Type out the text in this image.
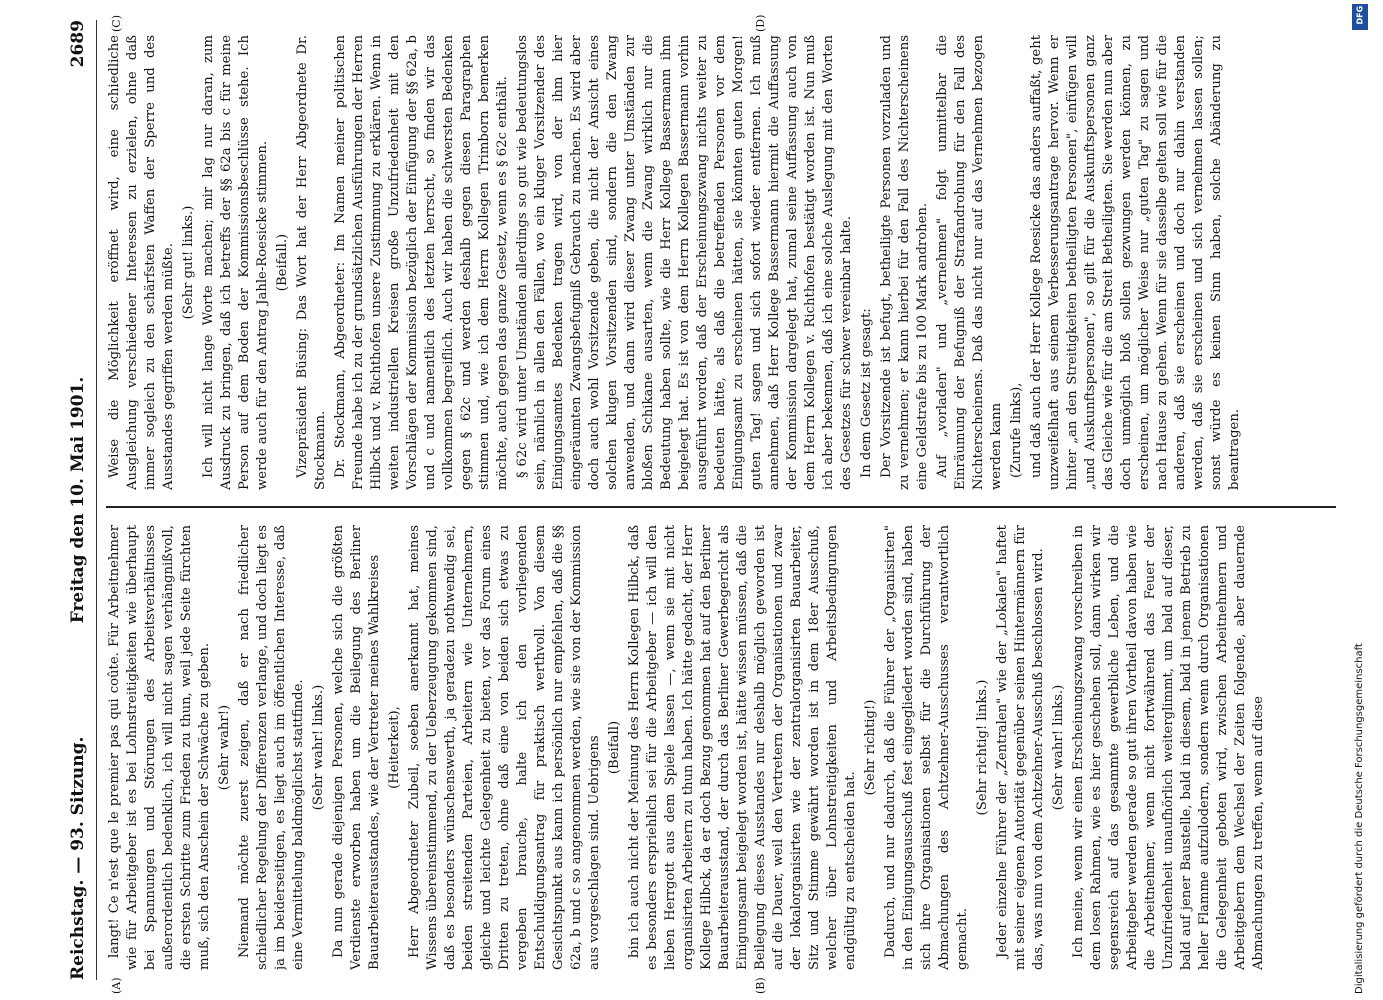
Reichstag. — 93. Sitzung.
Freitag den 10. Mai 1901.
2689

langt! Ce n'est que le premier pas qui coûte. Für Arbeitnehmer wie für Arbeitgeber ist es bei Lohnstreitigkeiten wie überhaupt bei Spannungen und Störungen des Arbeitsverhältnisses außerordentlich bedenklich, ich will nicht sagen verhängnißvoll, die ersten Schritte zum Frieden zu thun, weil jede Seite fürchten muß, sich den Anschein der Schwäche zu geben. (Sehr wahr!) Niemand möchte zuerst zeigen, daß er nach friedlicher schiedlicher Regelung der Differenzen verlange, und doch liegt es ja im beiderseitigen, es liegt auch im öffentlichen Interesse, daß eine Vermittelung baldmöglichst stattfinde. (Sehr wahr! links.) Da nun gerade diejenigen Personen, welche sich die größten Verdienste erworben haben um die Beilegung des Berliner Bauarbeiterausstandes, wie der Vertreter meines Wahlkreises (Heiterkeit), Herr Abgeordneter Zubeil, soeben anerkannt hat, meines Wissens übereinstimmend, zu der Ueberzeugung gekommen sind, daß es besonders wünschenswerth, ja geradezu nothwendig sei, beiden streitenden Parteien, Arbeitern wie Unternehmern, gleiche und leichte Gelegenheit zu bieten, vor das Forum eines Dritten zu treten, ohne daß eine von beiden sich etwas zu vergeben brauche, halte ich den vorliegenden Entschuldigungsantrag für praktisch werthvoll. Von diesem Gesichtspunkt aus kann ich persönlich nur empfehlen, daß die §§ 62a, b und c so angenommen werden, wie sie von der Kommission aus vorgeschlagen sind. Uebrigens (Beifall) bin ich auch nicht der Meinung des Herrn Kollegen Hilbck, daß es besonders erspriehlich sei für die Arbeitgeber — ich will den lieben Herrgott aus dem Spiele lassen —, wenn sie mit nicht organisirten Arbeitern zu thun haben. Ich hätte gedacht, der Herr Kollege Hilbck, da er doch Bezug genommen hat auf den Berliner Bauarbeiterausstand, der durch das Berliner Gewerbegericht als Einigungsamt beigelegt worden ist, hätte wissen müssen, daß die Beilegung dieses Ausstandes nur deshalb möglich geworden ist auf die Dauer, weil den Vertretern der Organisationen und zwar der lokalorganisirten wie der zentralorganisirten Bauarbeiter, Sitz und Stimme gewährt worden ist in dem 18er Ausschuß, welcher über Lohnstreitigkeiten und Arbeitsbedingungen endgültig zu entscheiden hat.

(Sehr richtig!) Dadurch, und nur dadurch, daß die Führer der „Organisirten" in den Einigungsausschuß fest eingegliedert worden sind, haben sich ihre Organisationen selbst für die Durchführung der Abmachungen des Achtzehner-Ausschusses verantwortlich gemacht.

(Sehr richtig! links.) Jeder einzelne Führer der „Zentralen" wie der „Lokalen" haftet mit seiner eigenen Autorität gegenüber seinen Hintermännern für das, was nun von dem Achtzehner-Ausschuß beschlossen wird. (Sehr wahr! links.) Ich meine, wenn wir einen Erscheinungszwang vorschreiben in dem losen Rahmen, wie es hier geschehen soll, dann wirken wir segensreich auf das gesammte gewerbliche Leben, und die Arbeitgeber werden gerade so gut ihren Vortheil davon haben wie die Arbeitnehmer, wenn nicht fortwährend das Feuer der Unzufriedenheit unaufhörlich weiterglimmt, um bald auf dieser, bald auf jener Baustelle, bald in diesem, bald in jenem Betrieb zu heller Flamme aufzulodern, sondern wenn durch Organisationen die Gelegenheit geboten wird, zwischen Arbeitnehmern und Arbeitgebern dem Wechsel der Zeiten folgende, aber dauernde Abmachungen zu treffen, wenn auf diese

Weise die Möglichkeit eröffnet wird, eine schiedliche Ausgleichung verschiedener Interessen zu erzielen, ohne daß immer sogleich zu den schärfsten Waffen der Sperre und des Ausstandes gegriffen werden müßte. (Sehr gut! links.) Ich will nicht lange Worte machen; mir lag nur daran, zum Ausdruck zu bringen, daß ich betreffs der §§ 62a bis c für meine Person auf dem Boden der Kommissionsbeschlüsse stehe. Ich werde auch für den Antrag Jahle-Roesicke stimmen. (Beifall.) Vizepräsident Büsing: Das Wort hat der Herr Abgeordnete Dr. Stockmann. Dr. Stockmann, Abgeordneter: Im Namen meiner politischen Freunde habe ich zu der grundsätzlichen Ausführungen der Herren Hilbck und v. Richthofen unsere Zustimmung zu erklären. Wenn in weiten industriellen Kreisen große Unzufriedenheit mit den Vorschlägen der Kommission bezüglich der Einfügung der §§ 62a, b und c und namentlich des letzten herrscht, so finden wir das vollkommen begreiflich. Auch wir haben die schwersten Bedenken gegen § 62c und werden deshalb gegen diesen Paragraphen stimmen und, wie ich dem Herrn Kollegen Trimborn bemerken möchte, auch gegen das ganze Gesetz, wenn es § 62c enthält. § 62c wird unter Umständen allerdings so gut wie bedeutungslos sein, nämlich in allen den Fällen, wo ein kluger Vorsitzender des Einigungsamtes Bedenken tragen wird, von der ihm hier eingeräumten Zwangsbefugniß Gebrauch zu machen. Es wird aber doch auch wohl Vorsitzende geben, die nicht der Ansicht eines solchen klugen Vorsitzenden sind, sondern die den Zwang anwenden, und dann wird dieser Zwang unter Umständen zur bloßen Schikane ausarten, wenn die Zwang wirklich nur die Bedeutung haben sollte, wie die Herr Kollege Bassermann ihm beigelegt hat. Es ist von dem Herrn Kollegen Bassermann vorhin ausgeführt worden, daß der Erscheinungszwang nichts weiter zu bedeuten hätte, als daß die betreffenden Personen vor dem Einigungsamt zu erscheinen hätten, sie könnten guten Morgen! guten Tag! sagen und sich sofort wieder entfernen. Ich muß annehmen, daß Herr Kollege Bassermann hiermit die Auffassung der Kommission dargelegt hat, zumal seine Auffassung auch von dem Herrn Kollegen v. Richthofen bestätigt worden ist. Nun muß ich aber bekennen, daß ich eine solche Auslegung mit den Worten des Gesetzes für schwer vereinbar halte. In dem Gesetz ist gesagt: Der Vorsitzende ist befugt, betheiligte Personen vorzuladen und zu vernehmen; er kann hierbei für den Fall des Nichterscheinens eine Geldstrafe bis zu 100 Mark androhen. Auf „vorladen" und „vernehmen" folgt unmittelbar die Einräumung der Befugniß der Strafandrohung für den Fall des Nichterscheinens. Daß das nicht nur auf das Vernehmen bezogen werden kann (Zurufe links), und daß auch der Herr Kollege Roesicke das anders auffaßt, geht unzweifelhaft aus seinem Verbesserungsantrage hervor. Wenn er hinter „an den Streitigkeiten betheiligten Personen", einfügen will „und Auskunftspersonen", so gilt für die Auskunftspersonen ganz das Gleiche wie für die am Streit Betheiligten. Sie werden nun aber doch unmöglich bloß sollen gezwungen werden können, zu erscheinen, um möglicher Weise nur „guten Tag" zu sagen und nach Hause zu gehen. Wenn für sie dasselbe gelten soll wie für die anderen, daß sie erscheinen und doch nur dahin verstanden werden, daß sie erscheinen und sich vernehmen lassen sollen; sonst würde es keinen Sinn haben, solche Abänderung zu beantragen.

(A)	(B)
(C)	(D)	DFG
Digitalisierung gefördert durch die Deutsche Forschungsgemeinschaft
